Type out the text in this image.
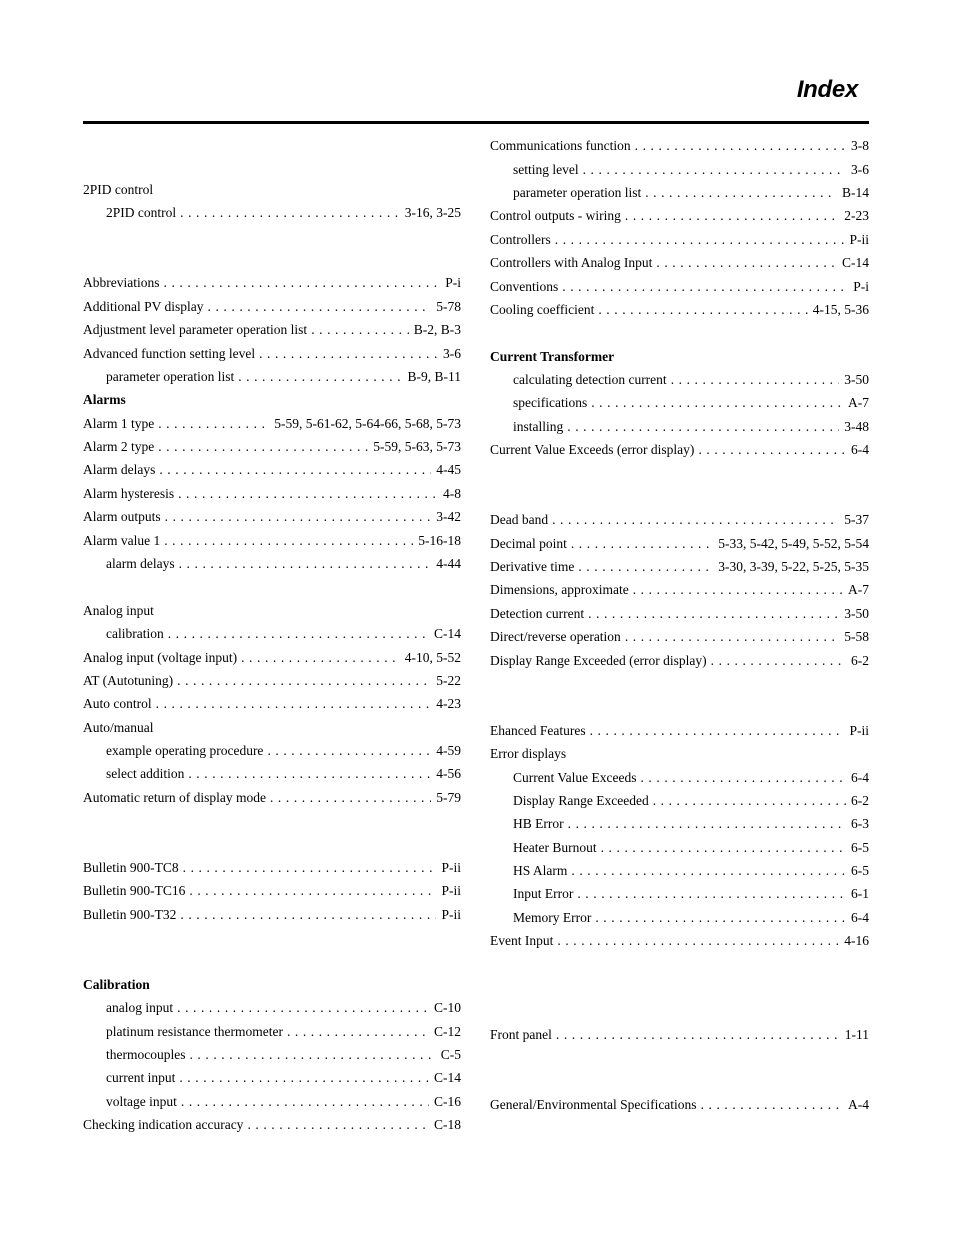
Index
2PID control
2PID control . . .	3-16, 3-25
Abbreviations . . .	P-i
Additional PV display . . .	5-78
Adjustment level parameter operation list . . .	B-2, B-3
Advanced function setting level . . .	3-6
parameter operation list . . .	B-9, B-11
Alarms
Alarm 1 type . . .	5-59, 5-61-62, 5-64-66, 5-68, 5-73
Alarm 2 type . . .	5-59, 5-63, 5-73
Alarm delays . . .	4-45
Alarm hysteresis . . .	4-8
Alarm outputs . . .	3-42
Alarm value 1 . . .	5-16-18
alarm delays . . .	4-44
Analog input
calibration . . .	C-14
Analog input (voltage input) . . .	4-10, 5-52
AT (Autotuning) . . .	5-22
Auto control . . .	4-23
Auto/manual
example operating procedure . . .	4-59
select addition . . .	4-56
Automatic return of display mode . . .	5-79
Bulletin 900-TC8 . . .	P-ii
Bulletin 900-TC16 . . .	P-ii
Bulletin 900-T32 . . .	P-ii
Calibration
analog input . . .	C-10
platinum resistance thermometer . . .	C-12
thermocouples . . .	C-5
current input . . .	C-14
voltage input . . .	C-16
Checking indication accuracy . . .	C-18
Communications function . . .	3-8
setting level . . .	3-6
parameter operation list . . .	B-14
Control outputs - wiring . . .	2-23
Controllers . . .	P-ii
Controllers with Analog Input . . .	C-14
Conventions . . .	P-i
Cooling coefficient . . .	4-15, 5-36
Current Transformer
calculating detection current . . .	3-50
specifications . . .	A-7
installing . . .	3-48
Current Value Exceeds (error display) . . .	6-4
Dead band . . .	5-37
Decimal point . . .	5-33, 5-42, 5-49, 5-52, 5-54
Derivative time . . .	3-30, 3-39, 5-22, 5-25, 5-35
Dimensions, approximate . . .	A-7
Detection current . . .	3-50
Direct/reverse operation . . .	5-58
Display Range Exceeded (error display) . . .	6-2
Ehanced Features . . .	P-ii
Error displays
Current Value Exceeds . . .	6-4
Display Range Exceeded . . .	6-2
HB Error . . .	6-3
Heater Burnout . . .	6-5
HS Alarm . . .	6-5
Input Error . . .	6-1
Memory Error . . .	6-4
Event Input . . .	4-16
Front panel . . .	1-11
General/Environmental Specifications . . .	A-4
